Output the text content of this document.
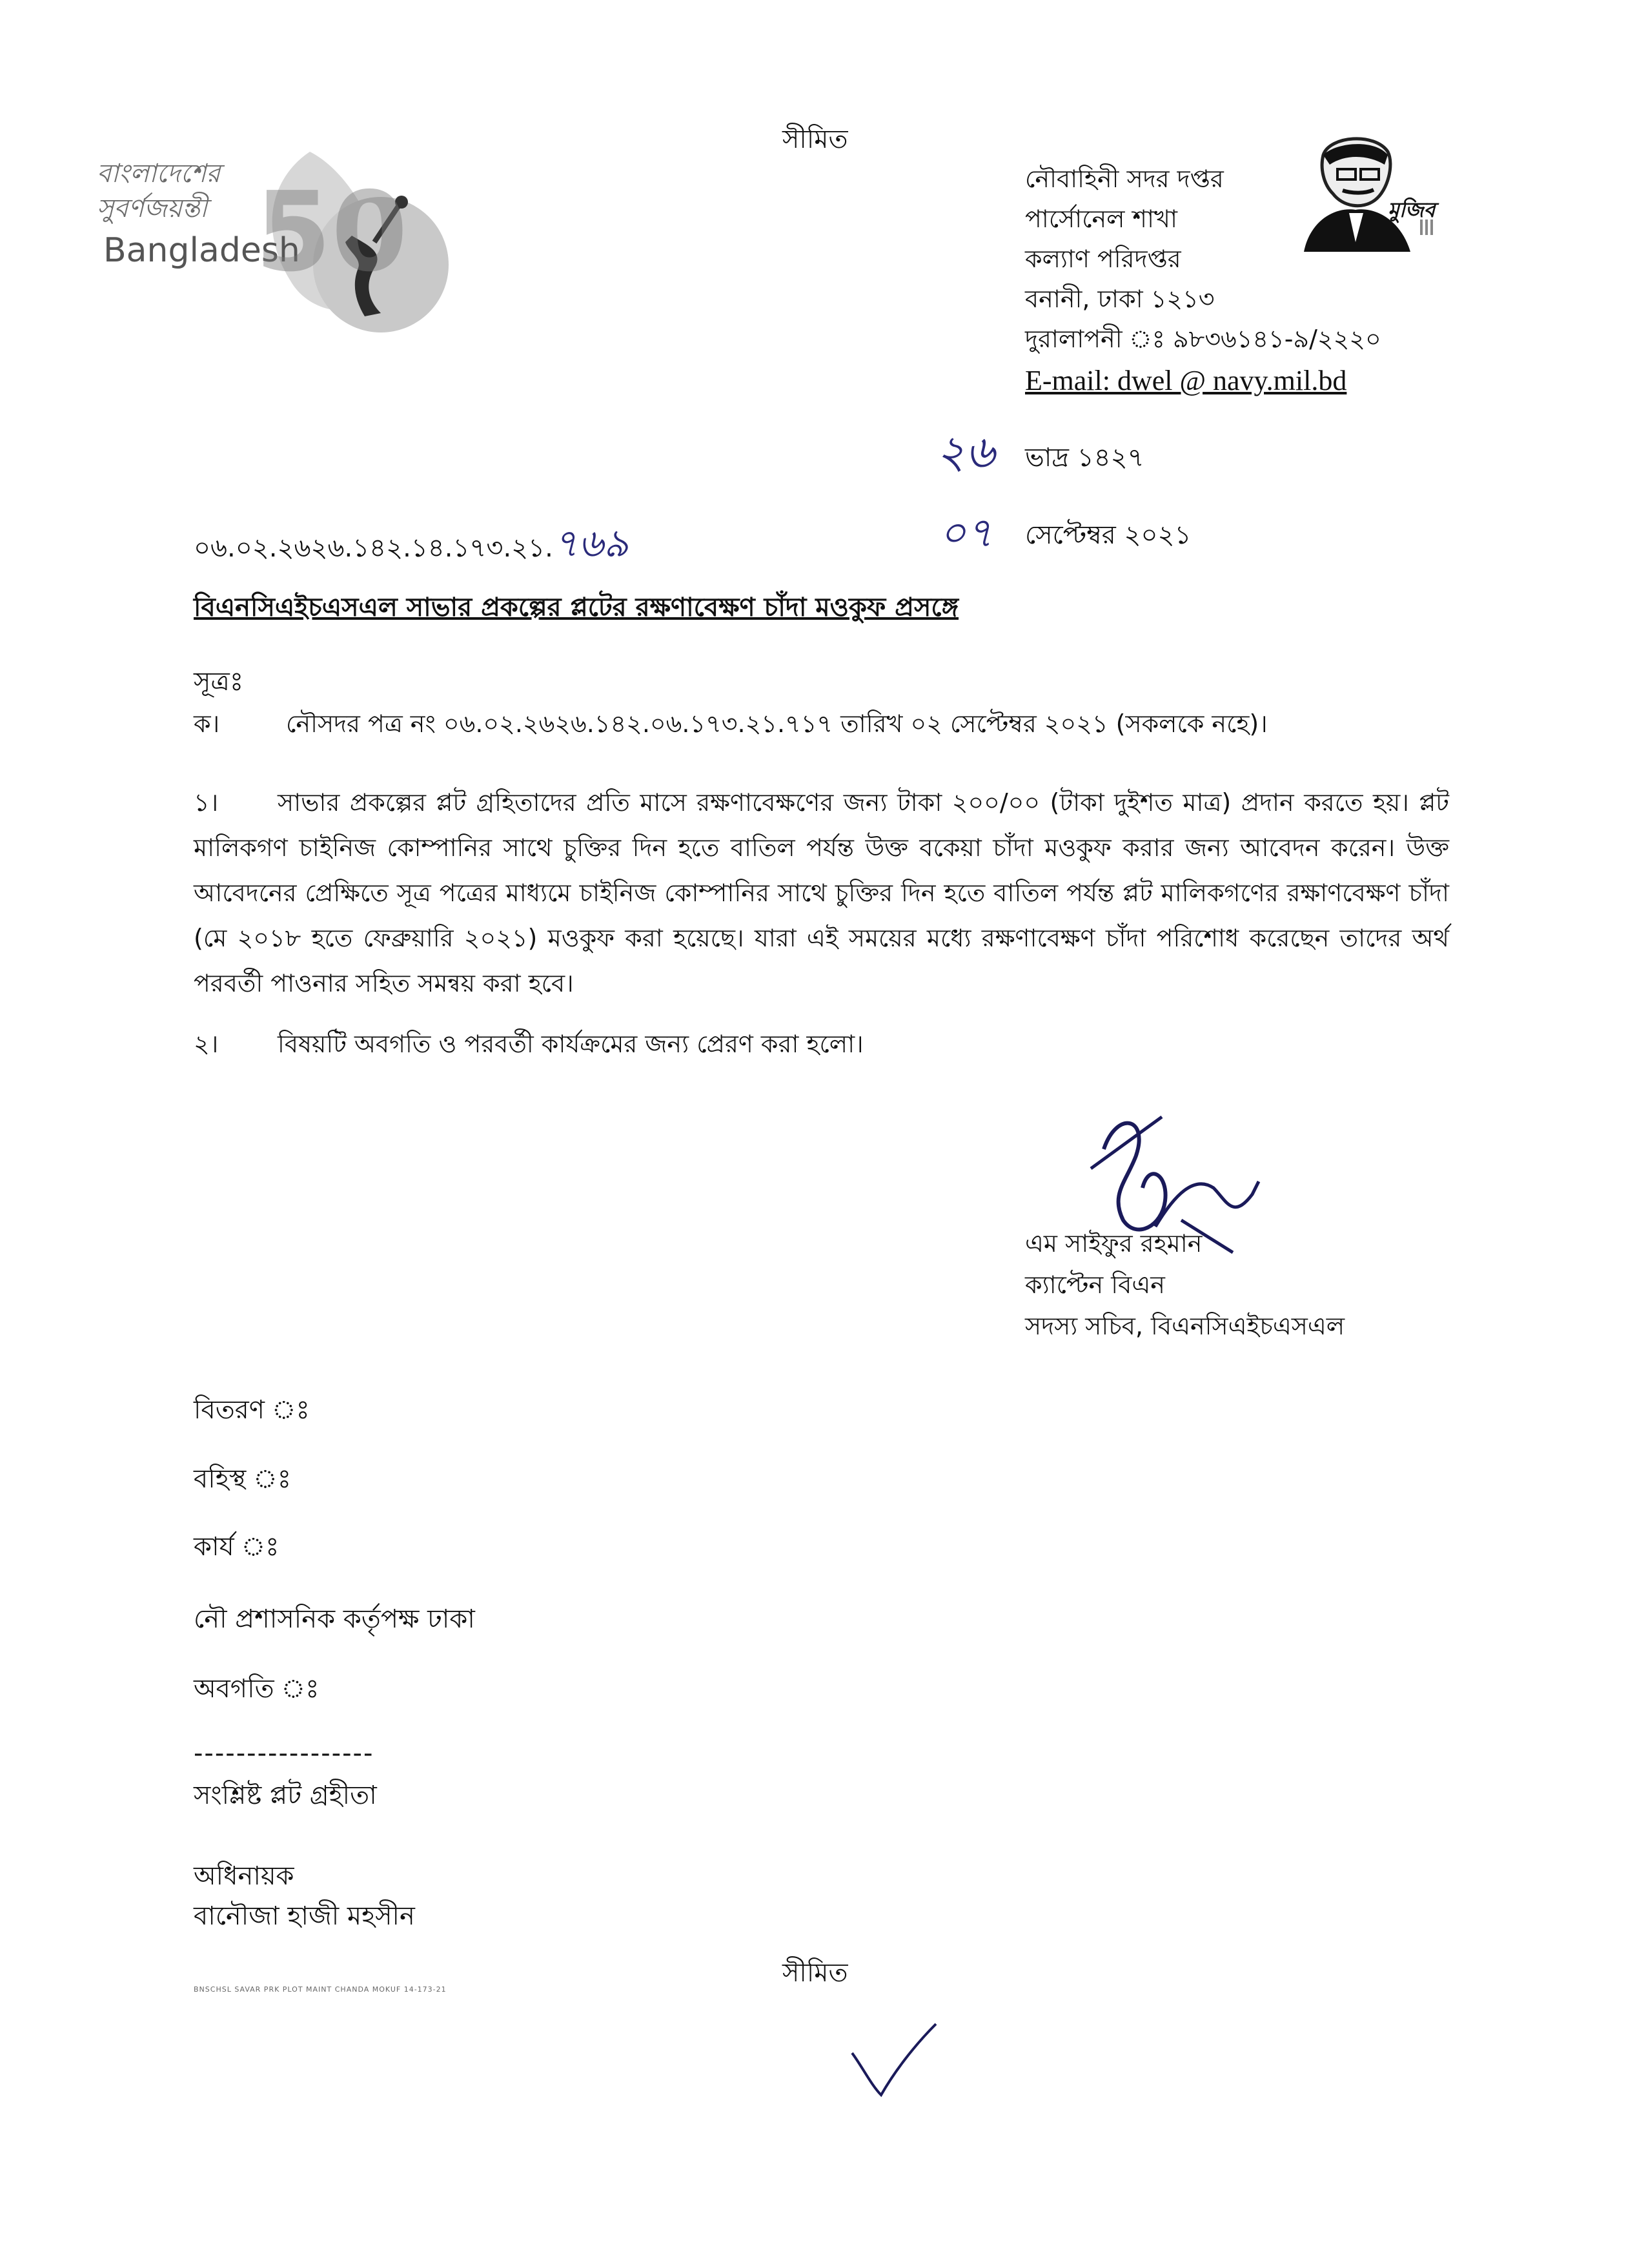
সীমিত
বাংলাদেশের
সুবর্ণজয়ন্তী
Bangladesh
50	মুজিব
নৌবাহিনী সদর দপ্তর
পার্সোনেল শাখা
কল্যাণ পরিদপ্তর
বনানী, ঢাকা ১২১৩
দুরালাপনী ঃ ৯৮৩৬১৪১-৯/২২২০
E-mail: dwel @ navy.mil.bd
২৬ ভাদ্র ১৪২৭
০৭ সেপ্টেম্বর ২০২১
০৬.০২.২৬২৬.১৪২.১৪.১৭৩.২১.৭৬৯
বিএনসিএইচএসএল সাভার প্রকল্পের প্লটের রক্ষণাবেক্ষণ চাঁদা মওকুফ প্রসঙ্গে
সূত্রঃ
ক।	নৌসদর পত্র নং ০৬.০২.২৬২৬.১৪২.০৬.১৭৩.২১.৭১৭ তারিখ ০২ সেপ্টেম্বর ২০২১ (সকলকে নহে)।
১। সাভার প্রকল্পের প্লট গ্রহিতাদের প্রতি মাসে রক্ষণাবেক্ষণের জন্য টাকা ২০০/০০ (টাকা দুইশত মাত্র) প্রদান করতে হয়। প্লট মালিকগণ চাইনিজ কোম্পানির সাথে চুক্তির দিন হতে বাতিল পর্যন্ত উক্ত বকেয়া চাঁদা মওকুফ করার জন্য আবেদন করেন। উক্ত আবেদনের প্রেক্ষিতে সূত্র পত্রের মাধ্যমে চাইনিজ কোম্পানির সাথে চুক্তির দিন হতে বাতিল পর্যন্ত প্লট মালিকগণের রক্ষাণবেক্ষণ চাঁদা (মে ২০১৮ হতে ফেব্রুয়ারি ২০২১) মওকুফ করা হয়েছে। যারা এই সময়ের মধ্যে রক্ষণাবেক্ষণ চাঁদা পরিশোধ করেছেন তাদের অর্থ পরবর্তী পাওনার সহিত সমন্বয় করা হবে।
২। বিষয়টি অবগতি ও পরবর্তী কার্যক্রমের জন্য প্রেরণ করা হলো।
এম সাইফুর রহমান
ক্যাপ্টেন বিএন
সদস্য সচিব, বিএনসিএইচএসএল
বিতরণ ঃ
বহিস্থ ঃ
কার্য ঃ
নৌ প্রশাসনিক কর্তৃপক্ষ ঢাকা
অবগতি ঃ
-----------------
সংশ্লিষ্ট প্লট গ্রহীতা
অধিনায়ক
বানৌজা হাজী মহসীন
সীমিত
BNSCHSL SAVAR PRK PLOT MAINT CHANDA MOKUF 14-173-21
